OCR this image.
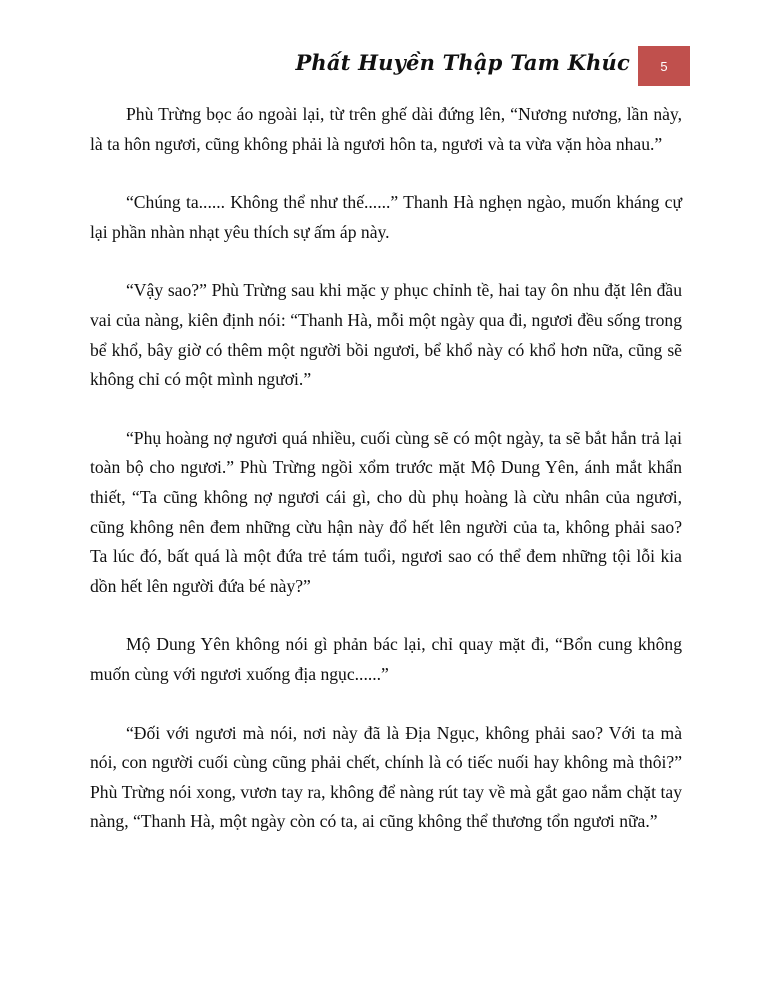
Phất Huyền Thập Tam Khúc 5

Phù Trừng bọc áo ngoài lại, từ trên ghế dài đứng lên, “Nương nương, lần này, là ta hôn ngươi, cũng không phải là ngươi hôn ta, ngươi và ta vừa vặn hòa nhau.”

“Chúng ta...... Không thể như thế......” Thanh Hà nghẹn ngào, muốn kháng cự lại phần nhàn nhạt yêu thích sự ấm áp này.

“Vậy sao?” Phù Trừng sau khi mặc y phục chỉnh tề, hai tay ôn nhu đặt lên đầu vai của nàng, kiên định nói: “Thanh Hà, mỗi một ngày qua đi, ngươi đều sống trong bể khổ, bây giờ có thêm một người bồi ngươi, bể khổ này có khổ hơn nữa, cũng sẽ không chỉ có một mình ngươi.”

“Phụ hoàng nợ ngươi quá nhiều, cuối cùng sẽ có một ngày, ta sẽ bắt hắn trả lại toàn bộ cho ngươi.” Phù Trừng ngồi xổm trước mặt Mộ Dung Yên, ánh mắt khẩn thiết, “Ta cũng không nợ ngươi cái gì, cho dù phụ hoàng là cừu nhân của ngươi, cũng không nên đem những cừu hận này đổ hết lên người của ta, không phải sao? Ta lúc đó, bất quá là một đứa trẻ tám tuổi, ngươi sao có thể đem những tội lỗi kia dồn hết lên người đứa bé này?”

Mộ Dung Yên không nói gì phản bác lại, chỉ quay mặt đi, “Bổn cung không muốn cùng với ngươi xuống địa ngục......”

“Đối với ngươi mà nói, nơi này đã là Địa Ngục, không phải sao? Với ta mà nói, con người cuối cùng cũng phải chết, chính là có tiếc nuối hay không mà thôi?” Phù Trừng nói xong, vươn tay ra, không để nàng rút tay về mà gắt gao nắm chặt tay nàng, “Thanh Hà, một ngày còn có ta, ai cũng không thể thương tổn ngươi nữa.”
